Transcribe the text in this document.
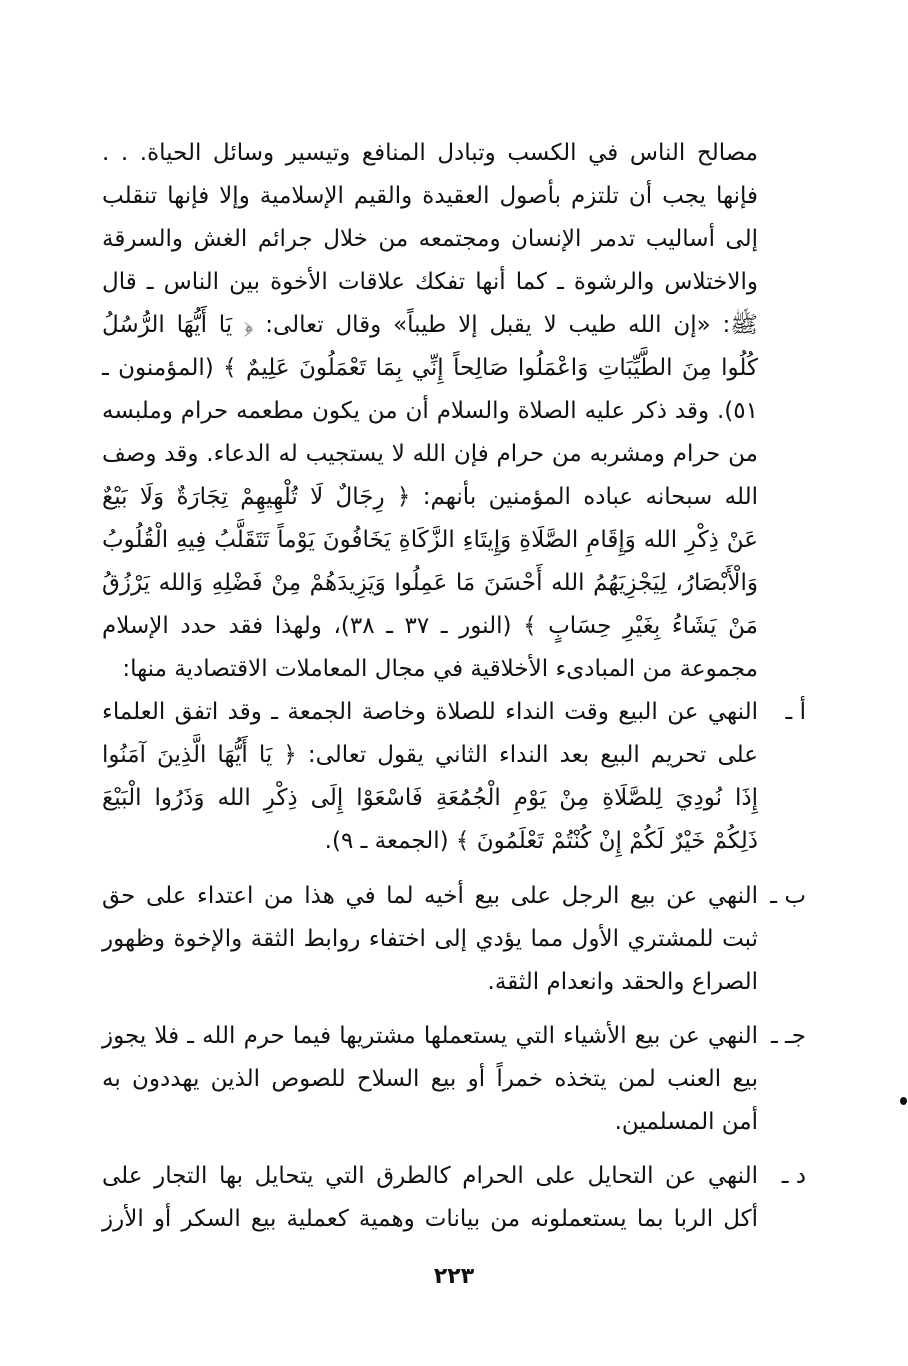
مصالح الناس في الكسب وتبادل المنافع وتيسير وسائل الحياة. . .
فإنها يجب أن تلتزم بأصول العقيدة والقيم الإسلامية وإلا فإنها تنقلب
إلى أساليب تدمر الإنسان ومجتمعه من خلال جرائم الغش والسرقة
والاختلاس والرشوة ـ كما أنها تفكك علاقات الأخوة بين الناس ـ قال
ﷺ: «إن الله طيب لا يقبل إلا طيباً» وقال تعالى: ﴿ يَا أَيُّهَا الرُّسُلُ
كُلُوا مِنَ الطَّيِّبَاتِ وَاعْمَلُوا صَالِحاً إِنِّي بِمَا تَعْمَلُونَ عَلِيمٌ ﴾ (المؤمنون ـ
٥١). وقد ذكر عليه الصلاة والسلام أن من يكون مطعمه حرام وملبسه
من حرام ومشربه من حرام فإن الله لا يستجيب له الدعاء. وقد وصف
الله سبحانه عباده المؤمنين بأنهم: ﴿ رِجَالٌ لَا تُلْهِيهِمْ تِجَارَةٌ وَلَا بَيْعٌ
عَنْ ذِكْرِ الله وَإِقَامِ الصَّلَاةِ وَإِيتَاءِ الزَّكَاةِ يَخَافُونَ يَوْماً تَتَقَلَّبُ فِيهِ الْقُلُوبُ
وَالْأَبْصَارُ، لِيَجْزِيَهُمُ الله أَحْسَنَ مَا عَمِلُوا وَيَزِيدَهُمْ مِنْ فَضْلِهِ وَالله يَرْزُقُ
مَنْ يَشَاءُ بِغَيْرِ حِسَابٍ ﴾ (النور ـ ٣٧ ـ ٣٨)، ولهذا فقد حدد الإسلام
مجموعة من المبادىء الأخلاقية في مجال المعاملات الاقتصادية منها:
أ ـ
النهي عن البيع وقت النداء للصلاة وخاصة الجمعة ـ وقد اتفق العلماء
على تحريم البيع بعد النداء الثاني يقول تعالى: ﴿ يَا أَيُّهَا الَّذِينَ آمَنُوا
إِذَا نُودِيَ لِلصَّلَاةِ مِنْ يَوْمِ الْجُمُعَةِ فَاسْعَوْا إِلَى ذِكْرِ الله وَذَرُوا الْبَيْعَ
ذَلِكُمْ خَيْرٌ لَكُمْ إِنْ كُنْتُمْ تَعْلَمُونَ ﴾ (الجمعة ـ ٩).
ب ـ
النهي عن بيع الرجل على بيع أخيه لما في هذا من اعتداء على حق
ثبت للمشتري الأول مما يؤدي إلى اختفاء روابط الثقة والإخوة وظهور
الصراع والحقد وانعدام الثقة.
جـ ـ
النهي عن بيع الأشياء التي يستعملها مشتريها فيما حرم الله ـ فلا يجوز
بيع العنب لمن يتخذه خمراً أو بيع السلاح للصوص الذين يهددون به
أمن المسلمين.
د ـ
النهي عن التحايل على الحرام كالطرق التي يتحايل بها التجار على
أكل الربا بما يستعملونه من بيانات وهمية كعملية بيع السكر أو الأرز
٢٢٣
